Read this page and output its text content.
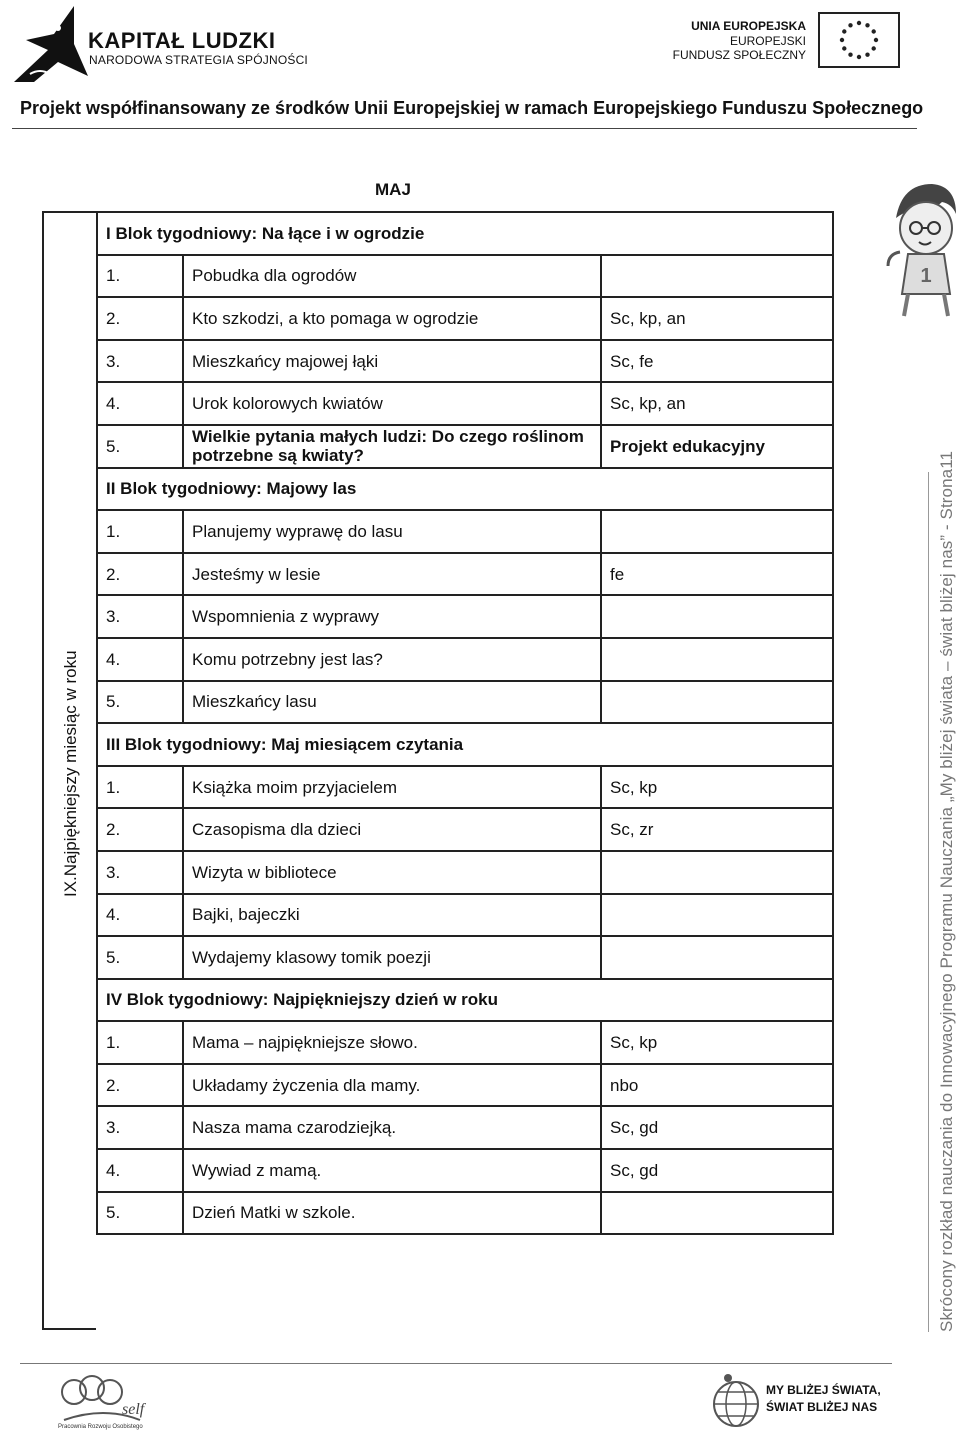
KAPITAŁ LUDZKI
NARODOWA STRATEGIA SPÓJNOŚCI
UNIA EUROPEJSKA
EUROPEJSKI
FUNDUSZ SPOŁECZNY
Projekt współfinansowany ze środków Unii Europejskiej w ramach Europejskiego Funduszu Społecznego
MAJ
IX.Najpiękniejszy miesiąc w roku
I Blok tygodniowy: Na łące i w ogrodzie		
1.	Pobudka dla ogrodów	
2.	Kto szkodzi, a kto pomaga w ogrodzie	Sc, kp, an
3.	Mieszkańcy majowej łąki	Sc, fe
4.	Urok kolorowych kwiatów	Sc, kp, an
5.	Wielkie pytania małych ludzi: Do czego roślinom potrzebne są kwiaty?	Projekt edukacyjny
II Blok tygodniowy: Majowy las		
1.	Planujemy wyprawę do lasu	
2.	Jesteśmy w lesie	fe
3.	Wspomnienia z wyprawy	
4.	Komu potrzebny jest las?	
5.	Mieszkańcy lasu	
III Blok tygodniowy: Maj miesiącem czytania		
1.	Książka moim przyjacielem	Sc, kp
2.	Czasopisma dla dzieci	Sc, zr
3.	Wizyta w bibliotece	
4.	Bajki, bajeczki	
5.	Wydajemy klasowy tomik poezji	
IV Blok tygodniowy: Najpiękniejszy dzień w roku		
1.	Mama – najpiękniejsze słowo.	Sc, kp
2.	Układamy życzenia dla mamy.	nbo
3.	Nasza mama czarodziejką.	Sc, gd
4.	Wywiad z mamą.	Sc, gd
5.	Dzień Matki w szkole.	
1
Skrócony rozkład nauczania do Innowacyjnego Programu Nauczania „My bliżej świata – świat bliżej nas” - Strona11
self
Pracownia Rozwoju Osobistego
MY BLIŻEJ ŚWIATA,
ŚWIAT BLIŻEJ NAS
